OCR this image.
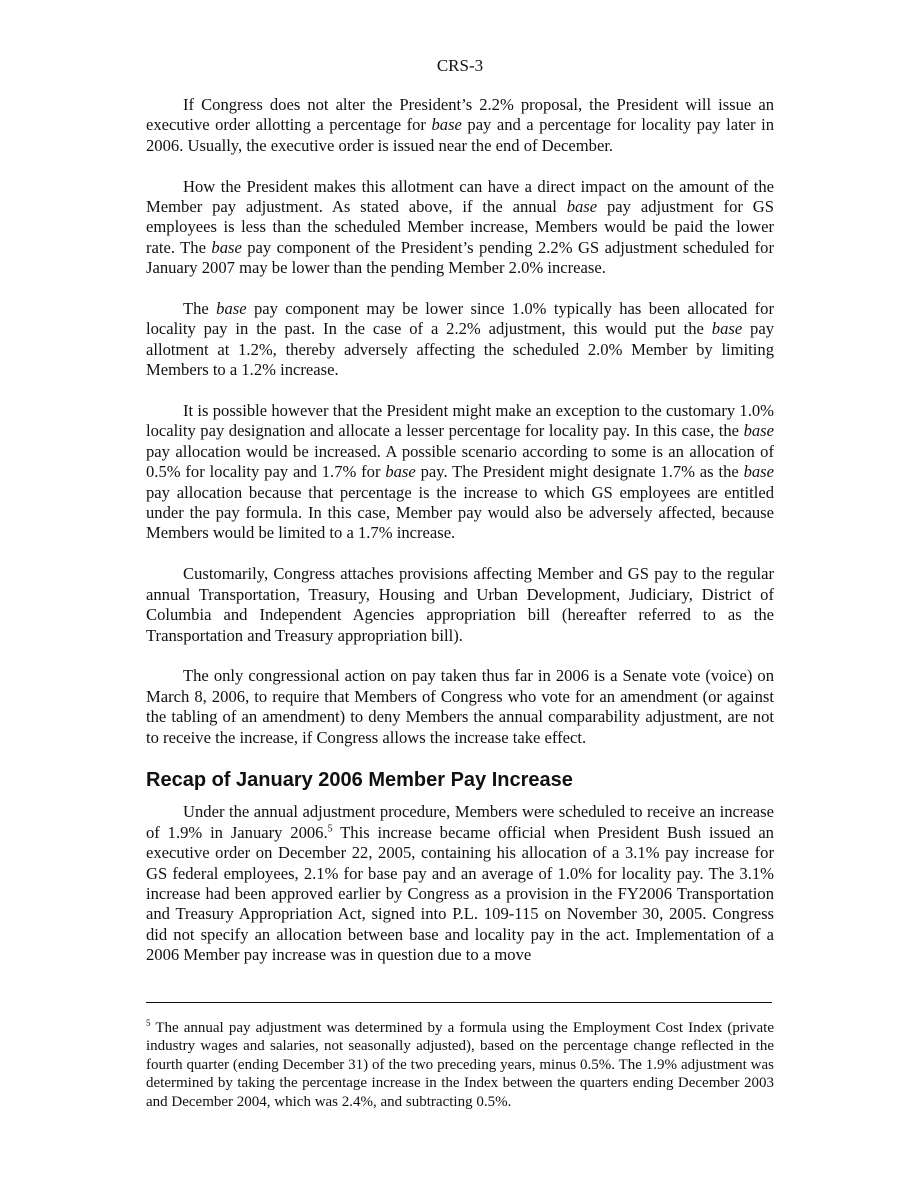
CRS-3

If Congress does not alter the President’s 2.2% proposal, the President will issue an executive order allotting a percentage for base pay and a percentage for locality pay later in 2006. Usually, the executive order is issued near the end of December.

How the President makes this allotment can have a direct impact on the amount of the Member pay adjustment. As stated above, if the annual base pay adjustment for GS employees is less than the scheduled Member increase, Members would be paid the lower rate. The base pay component of the President’s pending 2.2% GS adjustment scheduled for January 2007 may be lower than the pending Member 2.0% increase.

The base pay component may be lower since 1.0% typically has been allocated for locality pay in the past. In the case of a 2.2% adjustment, this would put the base pay allotment at 1.2%, thereby adversely affecting the scheduled 2.0% Member by limiting Members to a 1.2% increase.

It is possible however that the President might make an exception to the customary 1.0% locality pay designation and allocate a lesser percentage for locality pay. In this case, the base pay allocation would be increased. A possible scenario according to some is an allocation of 0.5% for locality pay and 1.7% for base pay. The President might designate 1.7% as the base pay allocation because that percentage is the increase to which GS employees are entitled under the pay formula. In this case, Member pay would also be adversely affected, because Members would be limited to a 1.7% increase.

Customarily, Congress attaches provisions affecting Member and GS pay to the regular annual Transportation, Treasury, Housing and Urban Development, Judiciary, District of Columbia and Independent Agencies appropriation bill (hereafter referred to as the Transportation and Treasury appropriation bill).

The only congressional action on pay taken thus far in 2006 is a Senate vote (voice) on March 8, 2006, to require that Members of Congress who vote for an amendment (or against the tabling of an amendment) to deny Members the annual comparability adjustment, are not to receive the increase, if Congress allows the increase take effect.

Recap of January 2006 Member Pay Increase

Under the annual adjustment procedure, Members were scheduled to receive an increase of 1.9% in January 2006.$^5$ This increase became official when President Bush issued an executive order on December 22, 2005, containing his allocation of a 3.1% pay increase for GS federal employees, 2.1% for base pay and an average of 1.0% for locality pay. The 3.1% increase had been approved earlier by Congress as a provision in the FY2006 Transportation and Treasury Appropriation Act, signed into P.L. 109-115 on November 30, 2005. Congress did not specify an allocation between base and locality pay in the act. Implementation of a 2006 Member pay increase was in question due to a move

$^5$ The annual pay adjustment was determined by a formula using the Employment Cost Index (private industry wages and salaries, not seasonally adjusted), based on the percentage change reflected in the fourth quarter (ending December 31) of the two preceding years, minus 0.5%. The 1.9% adjustment was determined by taking the percentage increase in the Index between the quarters ending December 2003 and December 2004, which was 2.4%, and subtracting 0.5%.
